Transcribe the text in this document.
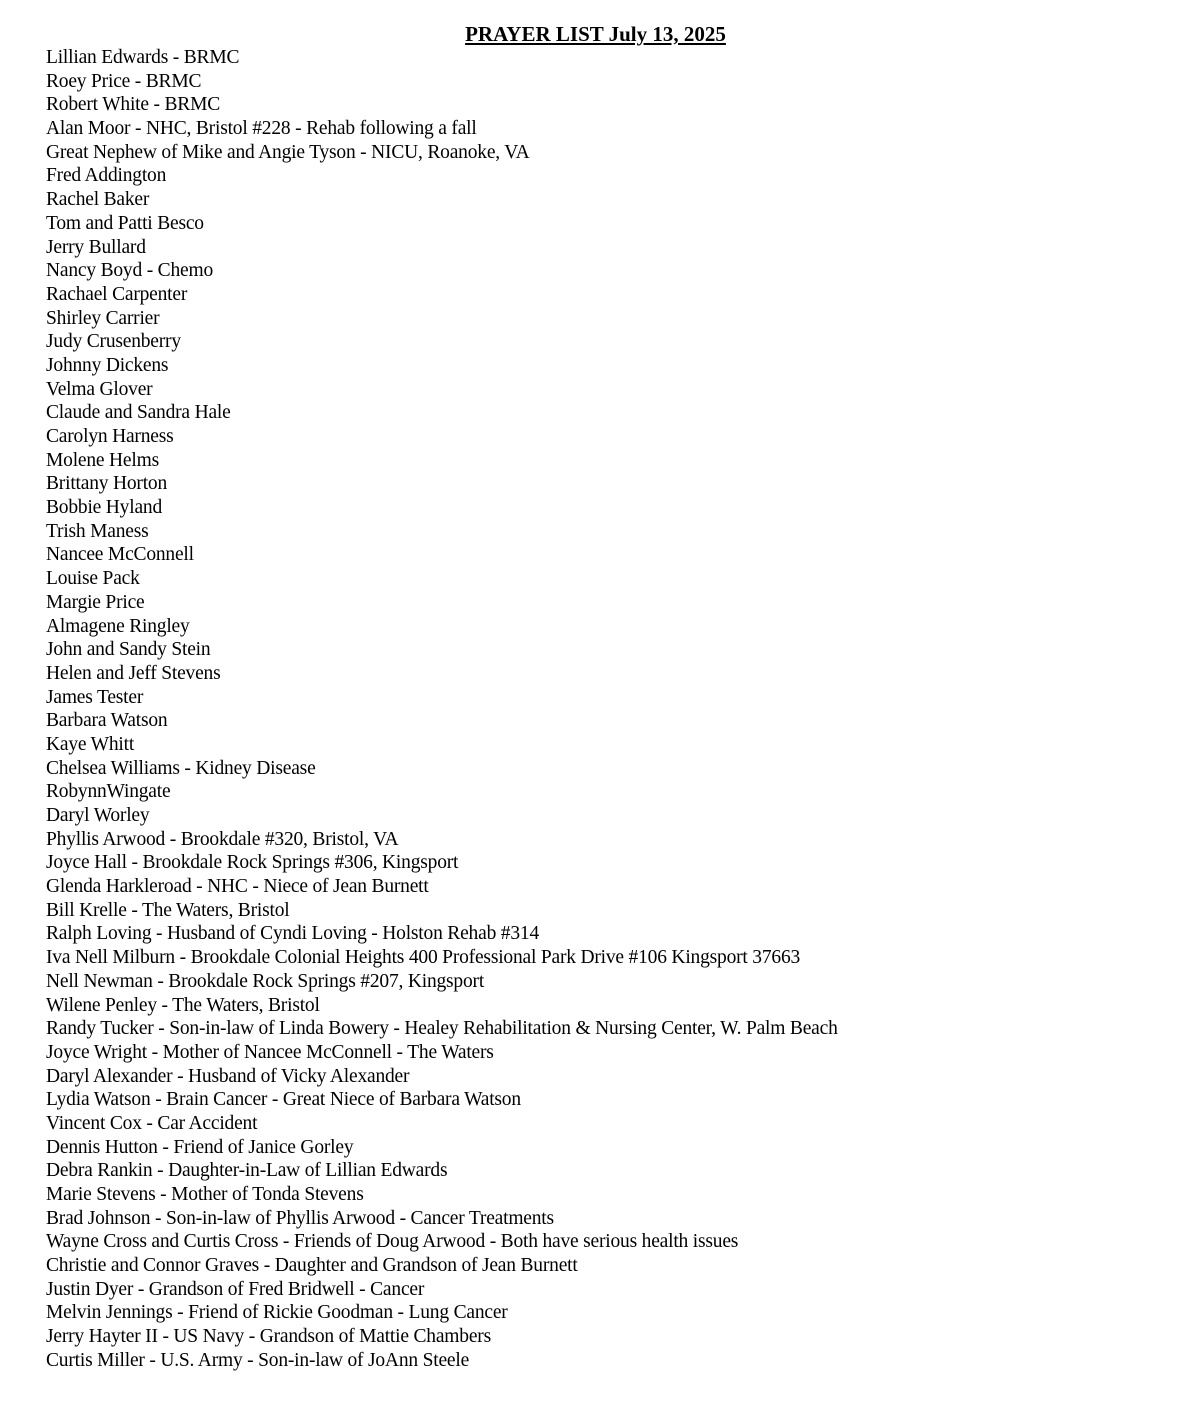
PRAYER LIST July 13, 2025
Lillian Edwards - BRMC
Roey Price - BRMC
Robert White - BRMC
Alan Moor - NHC, Bristol #228 - Rehab following a fall
Great Nephew of Mike and Angie Tyson - NICU, Roanoke, VA
Fred Addington
Rachel Baker
Tom and Patti Besco
Jerry Bullard
Nancy Boyd - Chemo
Rachael Carpenter
Shirley Carrier
Judy Crusenberry
Johnny Dickens
Velma Glover
Claude and Sandra Hale
Carolyn Harness
Molene Helms
Brittany Horton
Bobbie Hyland
Trish Maness
Nancee McConnell
Louise Pack
Margie Price
Almagene Ringley
John and Sandy Stein
Helen and Jeff Stevens
James Tester
Barbara Watson
Kaye Whitt
Chelsea Williams - Kidney Disease
RobynnWingate
Daryl Worley
Phyllis Arwood - Brookdale #320, Bristol, VA
Joyce Hall - Brookdale Rock Springs #306, Kingsport
Glenda Harkleroad - NHC - Niece of Jean Burnett
Bill Krelle - The Waters, Bristol
Ralph Loving - Husband of Cyndi Loving - Holston Rehab #314
Iva Nell Milburn - Brookdale Colonial Heights 400 Professional Park Drive #106 Kingsport 37663
Nell Newman - Brookdale Rock Springs #207, Kingsport
Wilene Penley - The Waters, Bristol
Randy Tucker - Son-in-law of Linda Bowery - Healey Rehabilitation & Nursing Center, W. Palm Beach
Joyce Wright - Mother of Nancee McConnell - The Waters
Daryl Alexander - Husband of Vicky Alexander
Lydia Watson - Brain Cancer - Great Niece of Barbara Watson
Vincent Cox - Car Accident
Dennis Hutton - Friend of Janice Gorley
Debra Rankin - Daughter-in-Law of Lillian Edwards
Marie Stevens - Mother of Tonda Stevens
Brad Johnson - Son-in-law of Phyllis Arwood - Cancer Treatments
Wayne Cross and Curtis Cross - Friends of Doug Arwood - Both have serious health issues
Christie and Connor Graves - Daughter and Grandson of Jean Burnett
Justin Dyer - Grandson of Fred Bridwell - Cancer
Melvin Jennings - Friend of Rickie Goodman - Lung Cancer
Jerry Hayter II - US Navy - Grandson of Mattie Chambers
Curtis Miller - U.S. Army - Son-in-law of JoAnn Steele
